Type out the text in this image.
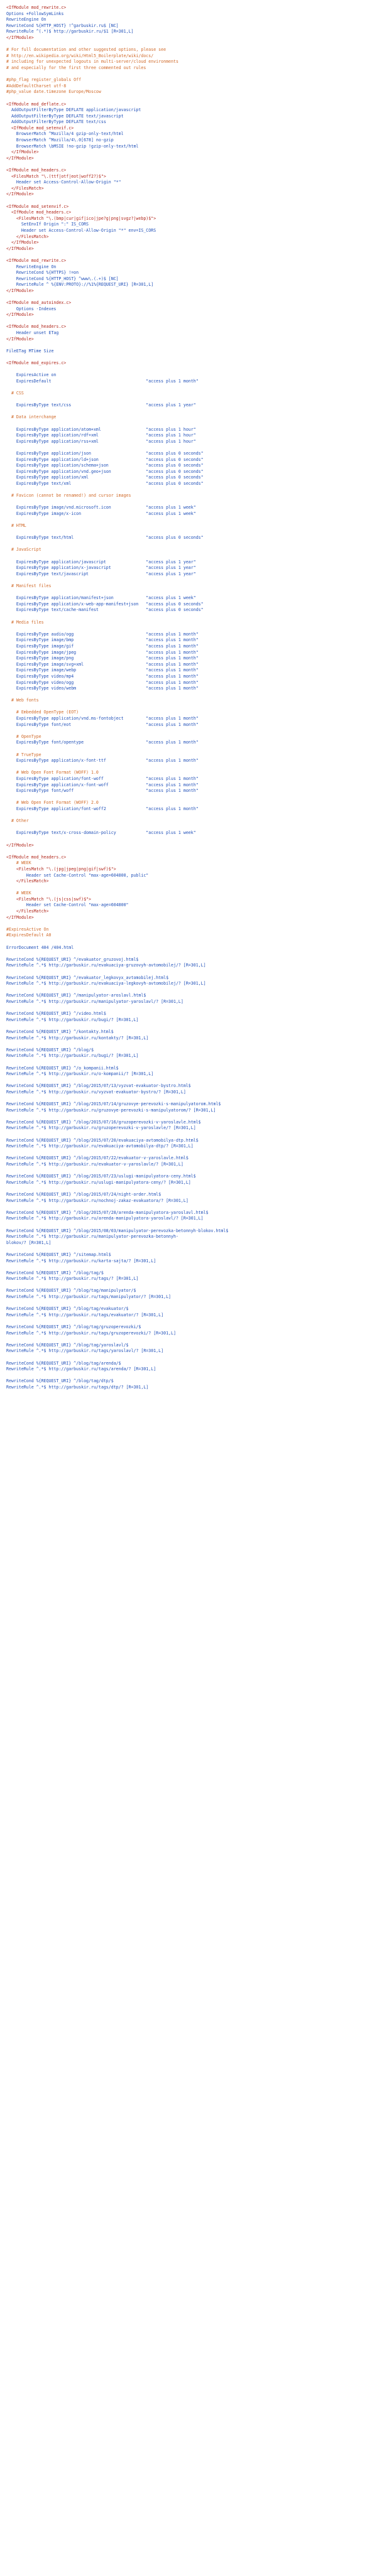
<IfModule mod_rewrite.c>
Options +FollowSymLinks
RewriteEngine On
RewriteCond %{HTTP_HOST} !^garbuskir.ru$ [NC]
RewriteRule ^(.*)$ http://garbuskir.ru/$1 [R=301,L]
</IfModule>
# For full documentation and other suggested options, please see
# http://en.wikipedia.org/wiki/Html5_Boilerplate/wiki/docs/
# including for unexpected logouts in multi-server/cloud environments
# and especially for the first three commented out rules
#php_flag register_globals Off
#AddDefaultCharset utf-8
#php_value date.timezone Europe/Moscow
<IfModule mod_deflate.c>
AddOutputFilterByType DEFLATE application/javascript
AddOutputFilterByType DEFLATE text/javascript
AddOutputFilterByType DEFLATE text/css
<IfModule mod_setenvif.c>
BrowserMatch ^Mozilla/4 gzip-only-text/html
BrowserMatch ^Mozilla/4\.0[678] no-gzip
BrowserMatch \bMSIE !no-gzip !gzip-only-text/html
</IfModule>
</IfModule>
<IfModule mod_headers.c>
<FilesMatch "\.(ttf|otf|eot|woff2?)$">
Header set Access-Control-Allow-Origin "*"
</FilesMatch>
</IfModule>
<IfModule mod_setenvif.c>
<IfModule mod_headers.c>
<FilesMatch "\.(bmp|cur|gif|ico|jpe?g|png|svgz?|webp)$">
SetEnvIf Origin ":" IS_CORS
Header set Access-Control-Allow-Origin "*" env=IS_CORS
</FilesMatch>
</IfModule>
</IfModule>
<IfModule mod_rewrite.c>
RewriteEngine On
RewriteCond %{HTTPS} !=on
RewriteCond %{HTTP_HOST} ^www\.(.+)$ [NC]
RewriteRule ^ %{ENV:PROTO}://%1%{REQUEST_URI} [R=301,L]
</IfModule>
<IfModule mod_autoindex.c>
Options -Indexes
</IfModule>
<IfModule mod_headers.c>
Header unset ETag
</IfModule>
FileETag MTime Size
<IfModule mod_expires.c>
ExpiresActive on
ExpiresDefault                                      "access plus 1 month"
# CSS
ExpiresByType text/css                              "access plus 1 year"
# Data interchange
ExpiresByType application/atom+xml                  "access plus 1 hour"
ExpiresByType application/rdf+xml                   "access plus 1 hour"
ExpiresByType application/rss+xml                   "access plus 1 hour"
ExpiresByType application/json                      "access plus 0 seconds"
ExpiresByType application/ld+json                   "access plus 0 seconds"
ExpiresByType application/schema+json               "access plus 0 seconds"
ExpiresByType application/vnd.geo+json              "access plus 0 seconds"
ExpiresByType application/xml                       "access plus 0 seconds"
ExpiresByType text/xml                              "access plus 0 seconds"
# Favicon (cannot be renamed!) and cursor images
ExpiresByType image/vnd.microsoft.icon              "access plus 1 week"
ExpiresByType image/x-icon                          "access plus 1 week"
# HTML
ExpiresByType text/html                             "access plus 0 seconds"
# JavaScript
ExpiresByType application/javascript                "access plus 1 year"
ExpiresByType application/x-javascript              "access plus 1 year"
ExpiresByType text/javascript                       "access plus 1 year"
# Manifest files
ExpiresByType application/manifest+json             "access plus 1 week"
ExpiresByType application/x-web-app-manifest+json   "access plus 0 seconds"
ExpiresByType text/cache-manifest                   "access plus 0 seconds"
# Media files
ExpiresByType audio/ogg                             "access plus 1 month"
ExpiresByType image/bmp                             "access plus 1 month"
ExpiresByType image/gif                             "access plus 1 month"
ExpiresByType image/jpeg                            "access plus 1 month"
ExpiresByType image/png                             "access plus 1 month"
ExpiresByType image/svg+xml                         "access plus 1 month"
ExpiresByType image/webp                            "access plus 1 month"
ExpiresByType video/mp4                             "access plus 1 month"
ExpiresByType video/ogg                             "access plus 1 month"
ExpiresByType video/webm                            "access plus 1 month"
# Web fonts
# Embedded OpenType (EOT)
ExpiresByType application/vnd.ms-fontobject         "access plus 1 month"
ExpiresByType font/eot                              "access plus 1 month"
# OpenType
ExpiresByType font/opentype                         "access plus 1 month"
# TrueType
ExpiresByType application/x-font-ttf                "access plus 1 month"
# Web Open Font Format (WOFF) 1.0
ExpiresByType application/font-woff                 "access plus 1 month"
ExpiresByType application/x-font-woff               "access plus 1 month"
ExpiresByType font/woff                             "access plus 1 month"
# Web Open Font Format (WOFF) 2.0
ExpiresByType application/font-woff2                "access plus 1 month"
# Other
ExpiresByType text/x-cross-domain-policy            "access plus 1 week"
</IfModule>
<IfModule mod_headers.c>
# WEEK
<FilesMatch "\.(jpg|jpeg|png|gif|swf)$">
Header set Cache-Control "max-age=604800, public"
</FilesMatch>
# WEEK
<FilesMatch "\.(js|css|swf)$">
Header set Cache-Control "max-age=604800"
</FilesMatch>
</IfModule>
#ExpiresActive On
#ExpiresDefault A0
ErrorDocument 404 /404.html
RewriteCond %{REQUEST_URI} ^/evakuator_gruzovoj.html$
RewriteRule ^.*$ http://garbuskir.ru/evakuaciya-gruzovyh-avtomobilej/? [R=301,L]
RewriteCond %{REQUEST_URI} ^/evakuator_legkovyx_avtomobilej.html$
RewriteRule ^.*$ http://garbuskir.ru/evakuaciya-legkovyh-avtomobilej/? [R=301,L]
RewriteCond %{REQUEST_URI} ^/manipulyator-aroslavl.html$
RewriteRule ^.*$ http://garbuskir.ru/manipulyator-yaroslavl/? [R=301,L]
RewriteCond %{REQUEST_URI} ^/video.html$
RewriteRule ^.*$ http://garbuskir.ru/bugi/? [R=301,L]
RewriteCond %{REQUEST_URI} ^/kontakty.html$
RewriteRule ^.*$ http://garbuskir.ru/kontakty/? [R=301,L]
RewriteCond %{REQUEST_URI} ^/blog/$
RewriteRule ^.*$ http://garbuskir.ru/bugi/? [R=301,L]
RewriteCond %{REQUEST_URI} ^/o_kompanii.html$
RewriteRule ^.*$ http://garbuskir.ru/o-kompanii/? [R=301,L]
RewriteCond %{REQUEST_URI} ^/blog/2015/07/13/vyzvat-evakuator-bystro.html$
RewriteRule ^.*$ http://garbuskir.ru/vyzvat-evakuator-bystro/? [R=301,L]
RewriteCond %{REQUEST_URI} ^/blog/2015/07/14/gruzovye-perevozki-s-manipulyatorom.html$
RewriteRule ^.*$ http://garbuskir.ru/gruzovye-perevozki-s-manipulyatorom/? [R=301,L]
RewriteCond %{REQUEST_URI} ^/blog/2015/07/16/gruzoperevozki-v-yaroslavle.html$
RewriteRule ^.*$ http://garbuskir.ru/gruzoperevozki-v-yaroslavle/? [R=301,L]
RewriteCond %{REQUEST_URI} ^/blog/2015/07/20/evakuaciya-avtomobilya-dtp.html$
RewriteRule ^.*$ http://garbuskir.ru/evakuaciya-avtomobilya-dtp/? [R=301,L]
RewriteCond %{REQUEST_URI} ^/blog/2015/07/22/evakuator-v-yaroslavle.html$
RewriteRule ^.*$ http://garbuskir.ru/evakuator-v-yaroslavle/? [R=301,L]
RewriteCond %{REQUEST_URI} ^/blog/2015/07/23/uslugi-manipulyatora-ceny.html$
RewriteRule ^.*$ http://garbuskir.ru/uslugi-manipulyatora-ceny/? [R=301,L]
RewriteCond %{REQUEST_URI} ^/blog/2015/07/24/night-order.html$
RewriteRule ^.*$ http://garbuskir.ru/nochnoj-zakaz-evakuatora/? [R=301,L]
RewriteCond %{REQUEST_URI} ^/blog/2015/07/28/arenda-manipulyatora-yaroslavl.html$
RewriteRule ^.*$ http://garbuskir.ru/arenda-manipulyatora-yaroslavl/? [R=301,L]
RewriteCond %{REQUEST_URI} ^/blog/2015/08/03/manipulyator-perevozka-betonnyh-blokov.html$
RewriteRule ^.*$ http://garbuskir.ru/manipulyator-perevozka-betonnyh-
blokov/? [R=301,L]
RewriteCond %{REQUEST_URI} ^/sitemap.html$
RewriteRule ^.*$ http://garbuskir.ru/karta-sajta/? [R=301,L]
RewriteCond %{REQUEST_URI} ^/blog/tag/$
RewriteRule ^.*$ http://garbuskir.ru/tags/? [R=301,L]
RewriteCond %{REQUEST_URI} ^/blog/tag/manipulyator/$
RewriteRule ^.*$ http://garbuskir.ru/tags/manipulyator/? [R=301,L]
RewriteCond %{REQUEST_URI} ^/blog/tag/evakuator/$
RewriteRule ^.*$ http://garbuskir.ru/tags/evakuator/? [R=301,L]
RewriteCond %{REQUEST_URI} ^/blog/tag/gruzoperevozki/$
RewriteRule ^.*$ http://garbuskir.ru/tags/gruzoperevozki/? [R=301,L]
RewriteCond %{REQUEST_URI} ^/blog/tag/yaroslavl/$
RewriteRule ^.*$ http://garbuskir.ru/tags/yaroslavl/? [R=301,L]
RewriteCond %{REQUEST_URI} ^/blog/tag/arenda/$
RewriteRule ^.*$ http://garbuskir.ru/tags/arenda/? [R=301,L]
RewriteCond %{REQUEST_URI} ^/blog/tag/dtp/$
RewriteRule ^.*$ http://garbuskir.ru/tags/dtp/? [R=301,L]
